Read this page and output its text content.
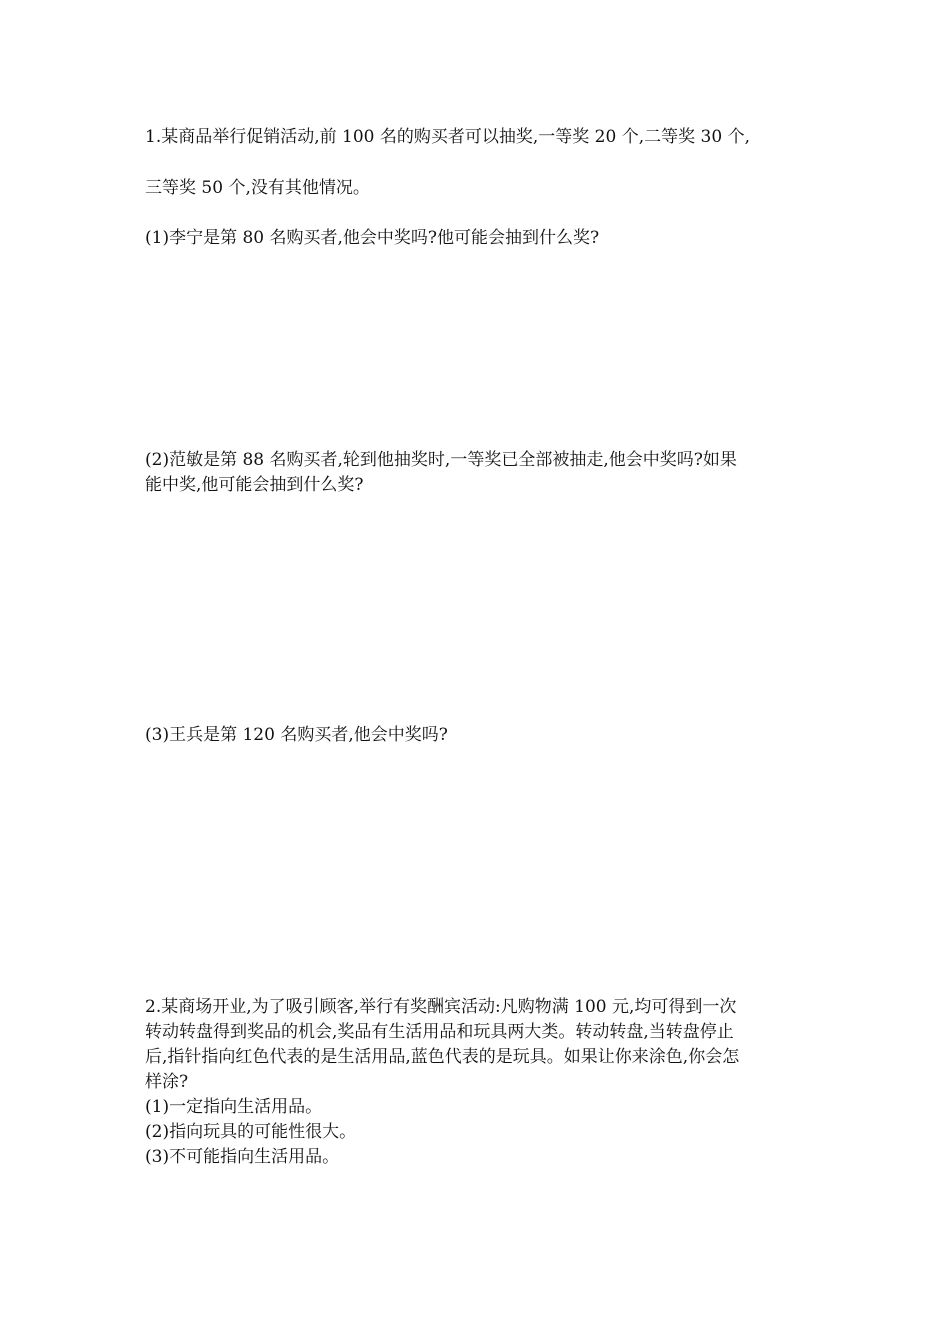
1.某商品举行促销活动,前 100 名的购买者可以抽奖,一等奖 20 个,二等奖 30 个,
三等奖 50 个,没有其他情况。
(1)李宁是第 80 名购买者,他会中奖吗?他可能会抽到什么奖?
(2)范敏是第 88 名购买者,轮到他抽奖时,一等奖已全部被抽走,他会中奖吗?如果
能中奖,他可能会抽到什么奖?
(3)王兵是第 120 名购买者,他会中奖吗?
2.某商场开业,为了吸引顾客,举行有奖酬宾活动:凡购物满 100 元,均可得到一次
转动转盘得到奖品的机会,奖品有生活用品和玩具两大类。转动转盘,当转盘停止
后,指针指向红色代表的是生活用品,蓝色代表的是玩具。如果让你来涂色,你会怎
样涂?
(1)一定指向生活用品。
(2)指向玩具的可能性很大。
(3)不可能指向生活用品。
